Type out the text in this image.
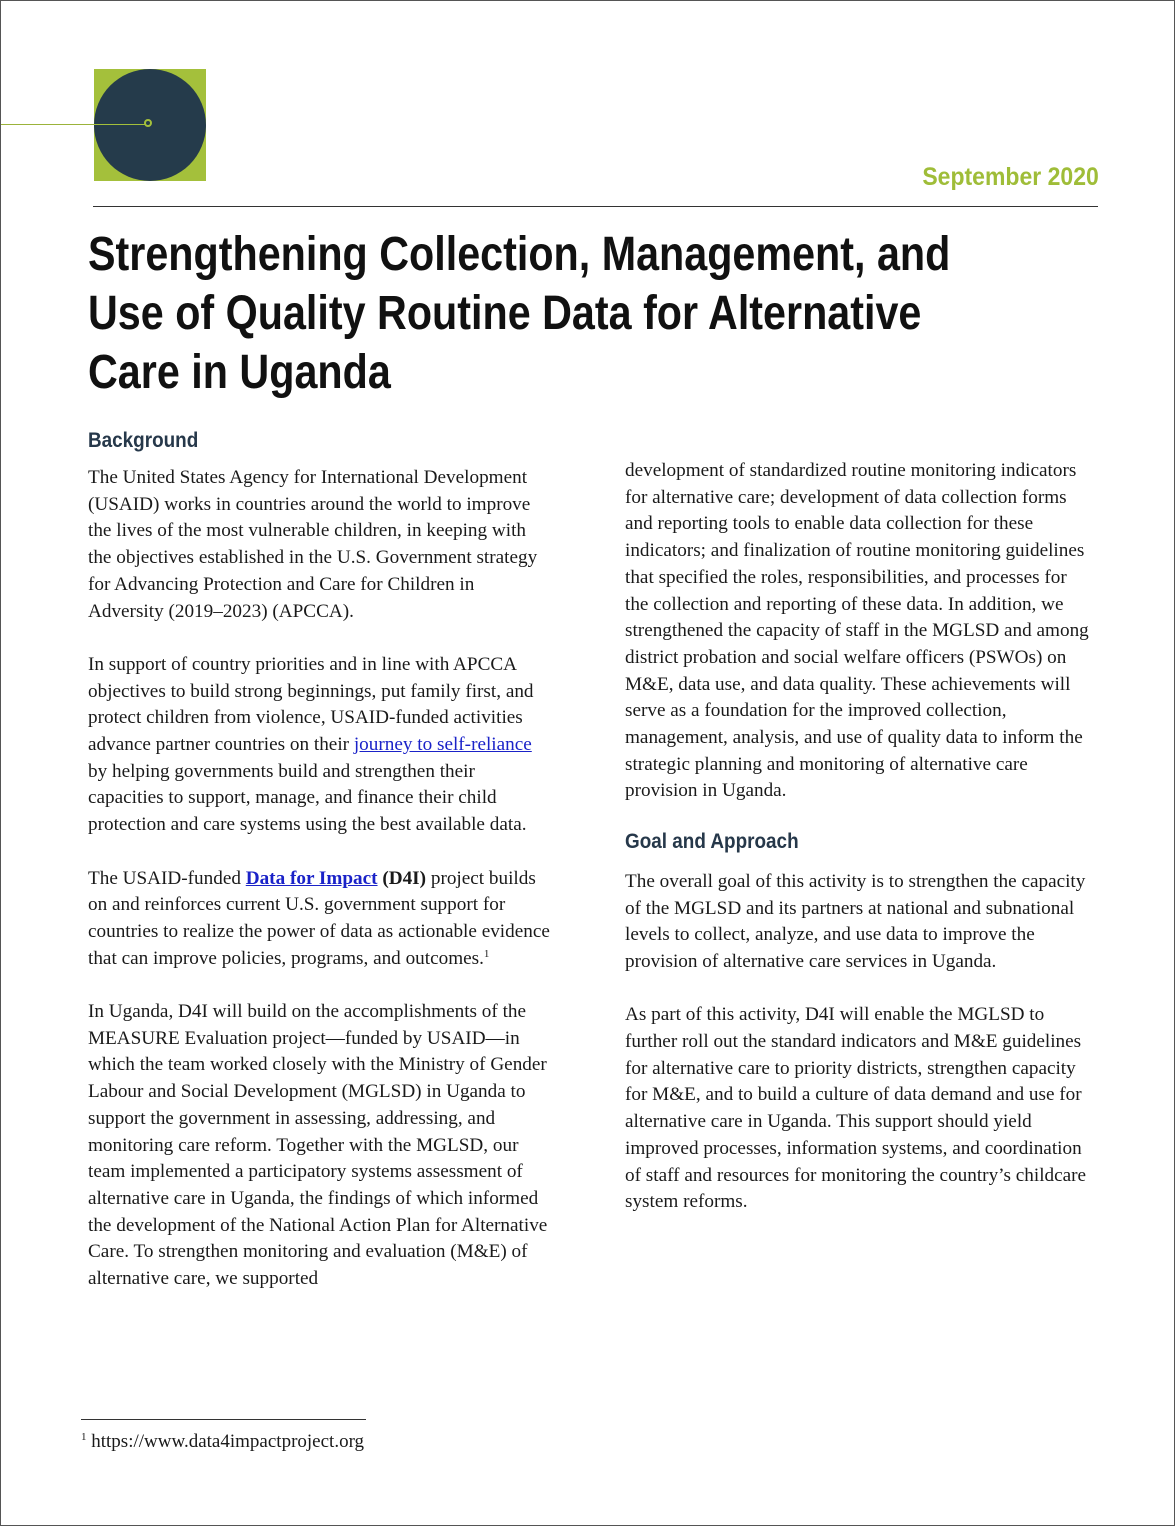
September 2020
Strengthening Collection, Management, and
Use of Quality Routine Data for Alternative
Care in Uganda
Background

The United States Agency for International Development (USAID) works in countries around the world to improve the lives of the most vulnerable children, in keeping with the objectives established in the U.S. Government strategy for Advancing Protection and Care for Children in Adversity (2019–2023) (APCCA).

In support of country priorities and in line with APCCA objectives to build strong beginnings, put family first, and protect children from violence, USAID-funded activities advance partner countries on their journey to self-reliance by helping governments build and strengthen their capacities to support, manage, and finance their child protection and care systems using the best available data.

The USAID-funded Data for Impact (D4I) project builds on and reinforces current U.S. government support for countries to realize the power of data as actionable evidence that can improve policies, programs, and outcomes.$^1$

In Uganda, D4I will build on the accomplishments of the MEASURE Evaluation project—funded by USAID—in which the team worked closely with the Ministry of Gender Labour and Social Development (MGLSD) in Uganda to support the government in assessing, addressing, and monitoring care reform. Together with the MGLSD, our team implemented a participatory systems assessment of alternative care in Uganda, the findings of which informed the development of the National Action Plan for Alternative Care. To strengthen monitoring and evaluation (M&E) of alternative care, we supported

development of standardized routine monitoring indicators for alternative care; development of data collection forms and reporting tools to enable data collection for these indicators; and finalization of routine monitoring guidelines that specified the roles, responsibilities, and processes for the collection and reporting of these data. In addition, we strengthened the capacity of staff in the MGLSD and among district probation and social welfare officers (PSWOs) on M&E, data use, and data quality. These achievements will serve as a foundation for the improved collection, management, analysis, and use of quality data to inform the strategic planning and monitoring of alternative care provision in Uganda.

Goal and Approach

The overall goal of this activity is to strengthen the capacity of the MGLSD and its partners at national and subnational levels to collect, analyze, and use data to improve the provision of alternative care services in Uganda.

As part of this activity, D4I will enable the MGLSD to further roll out the standard indicators and M&E guidelines for alternative care to priority districts, strengthen capacity for M&E, and to build a culture of data demand and use for alternative care in Uganda. This support should yield improved processes, information systems, and coordination of staff and resources for monitoring the country’s childcare system reforms.

$^1$ https://www.data4impactproject.org
